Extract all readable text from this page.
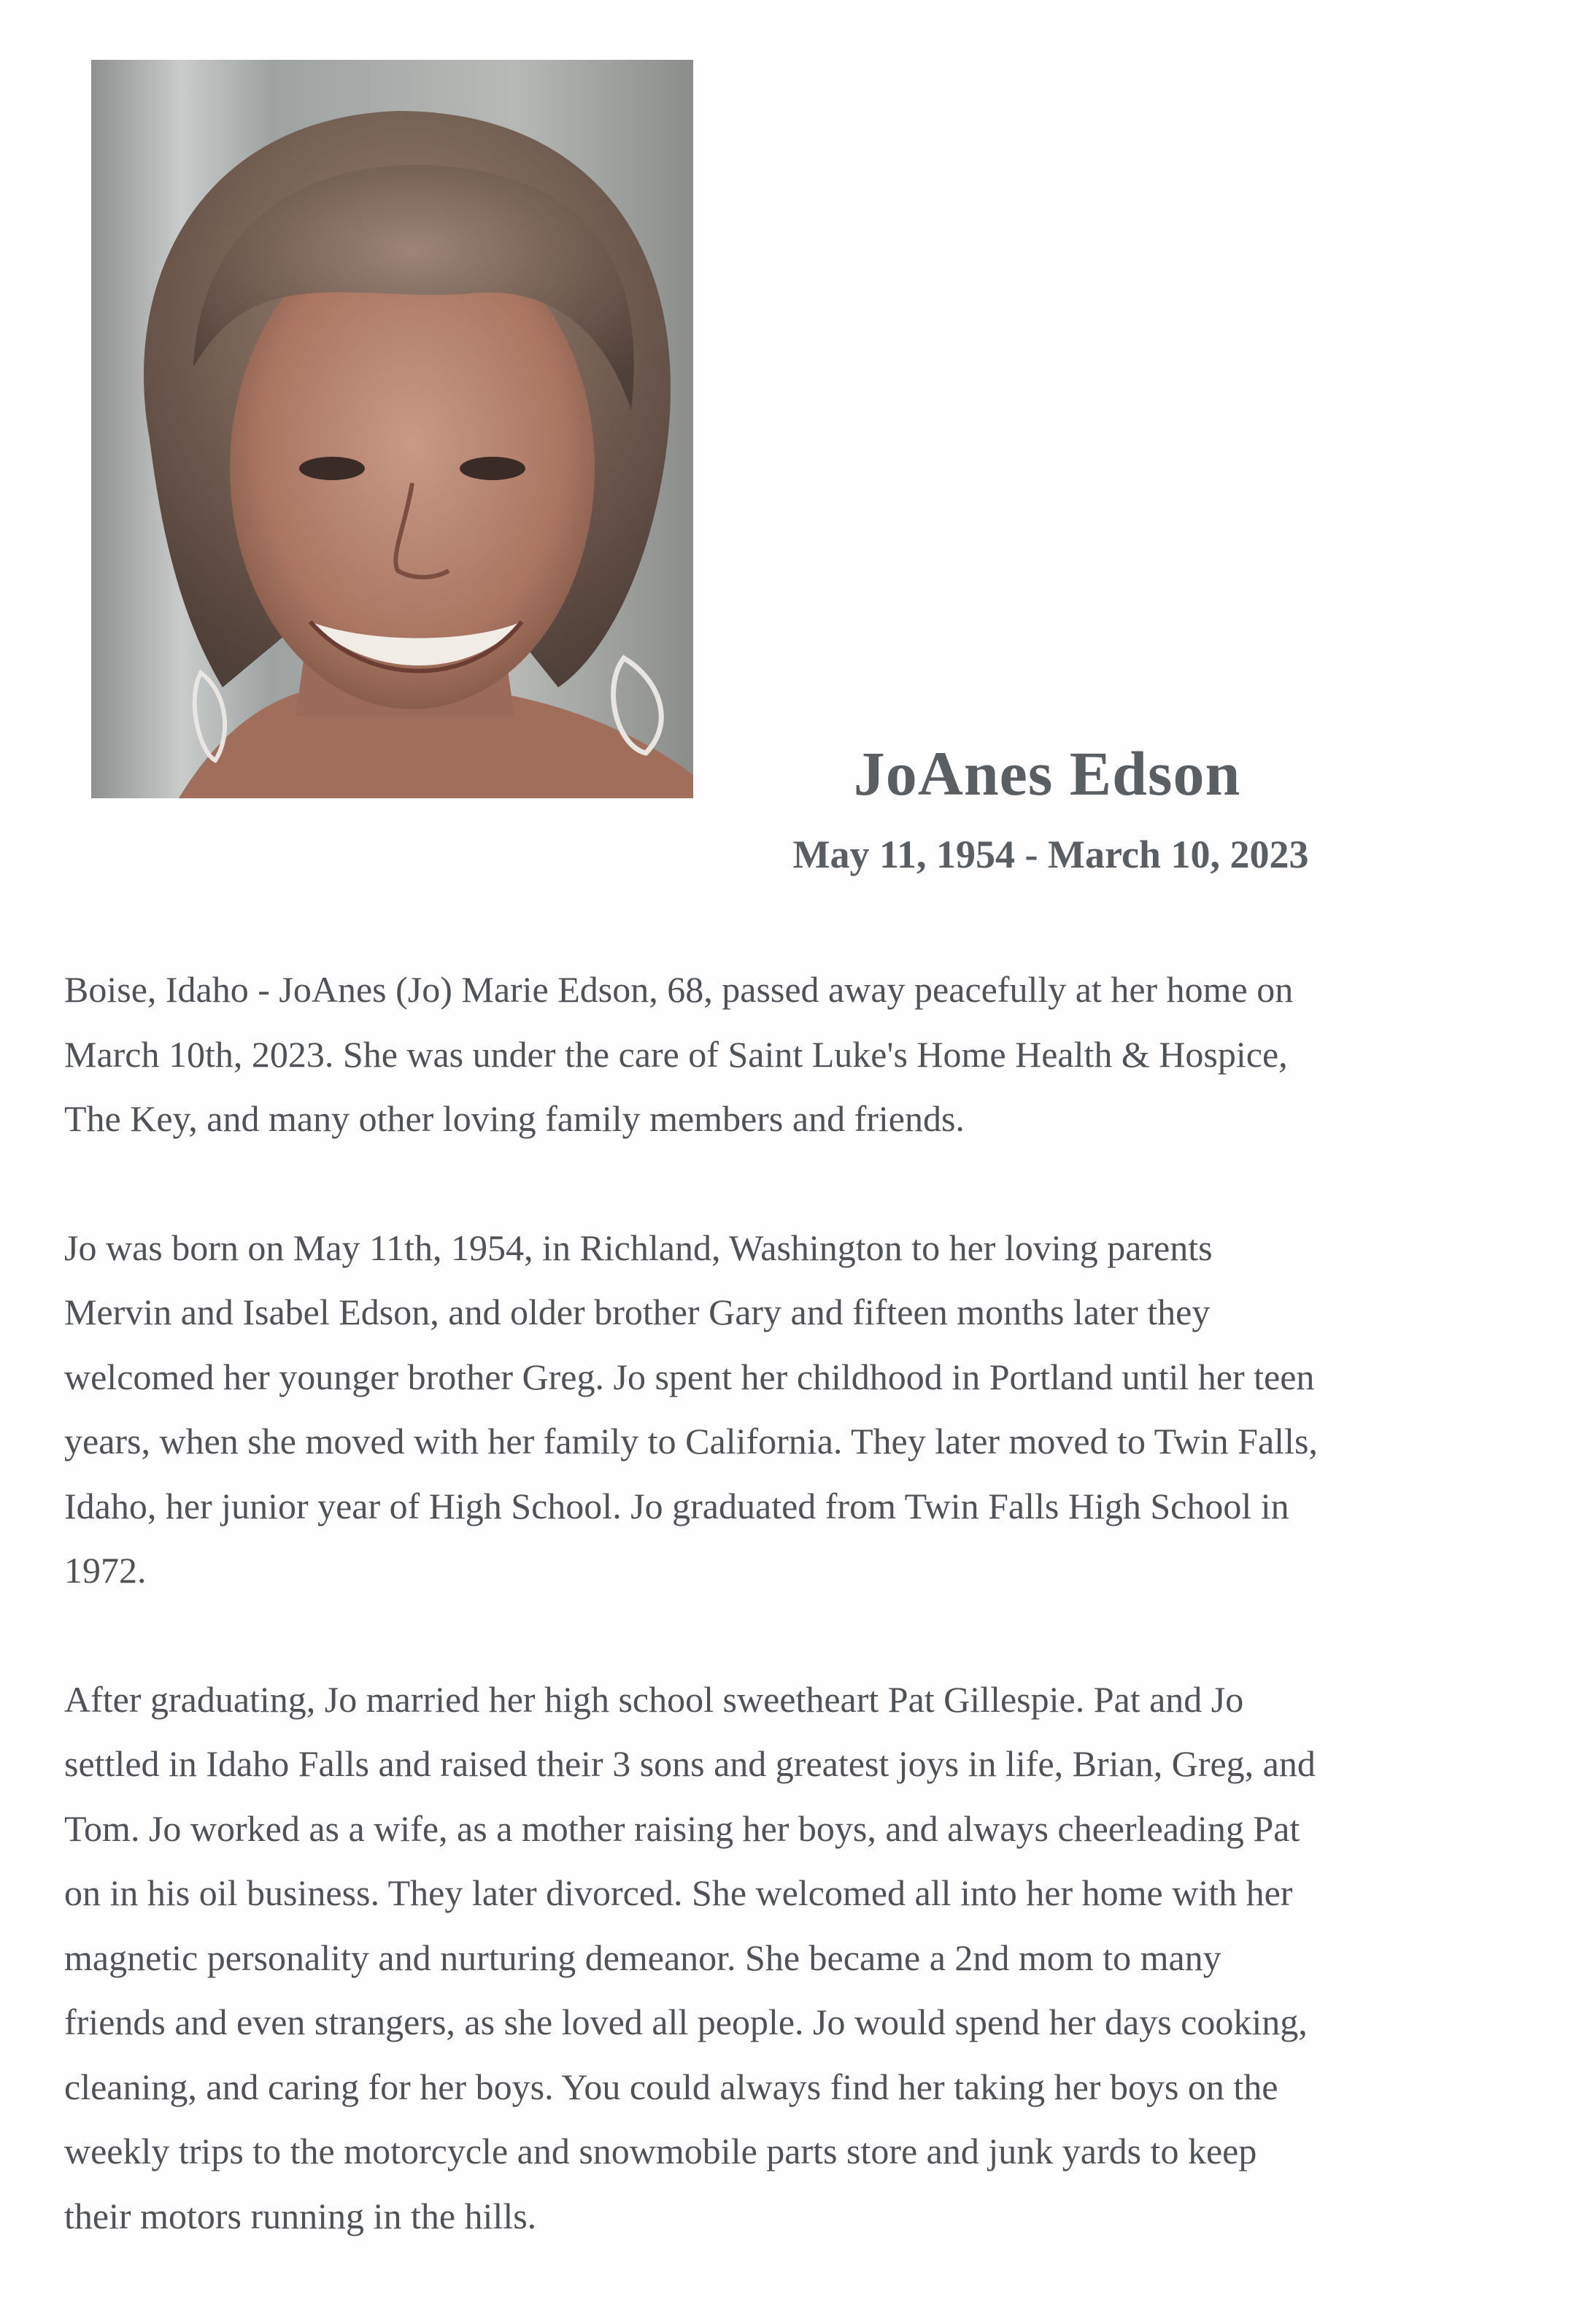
JoAnes Edson
May 11, 1954 - March 10, 2023
Boise, Idaho - JoAnes (Jo) Marie Edson, 68, passed away peacefully at her home on
March 10th, 2023. She was under the care of Saint Luke's Home Health & Hospice,
The Key, and many other loving family members and friends.
Jo was born on May 11th, 1954, in Richland, Washington to her loving parents
Mervin and Isabel Edson, and older brother Gary and fifteen months later they
welcomed her younger brother Greg. Jo spent her childhood in Portland until her teen
years, when she moved with her family to California. They later moved to Twin Falls,
Idaho, her junior year of High School. Jo graduated from Twin Falls High School in
1972.
After graduating, Jo married her high school sweetheart Pat Gillespie. Pat and Jo
settled in Idaho Falls and raised their 3 sons and greatest joys in life, Brian, Greg, and
Tom. Jo worked as a wife, as a mother raising her boys, and always cheerleading Pat
on in his oil business. They later divorced. She welcomed all into her home with her
magnetic personality and nurturing demeanor. She became a 2nd mom to many
friends and even strangers, as she loved all people. Jo would spend her days cooking,
cleaning, and caring for her boys. You could always find her taking her boys on the
weekly trips to the motorcycle and snowmobile parts store and junk yards to keep
their motors running in the hills.
